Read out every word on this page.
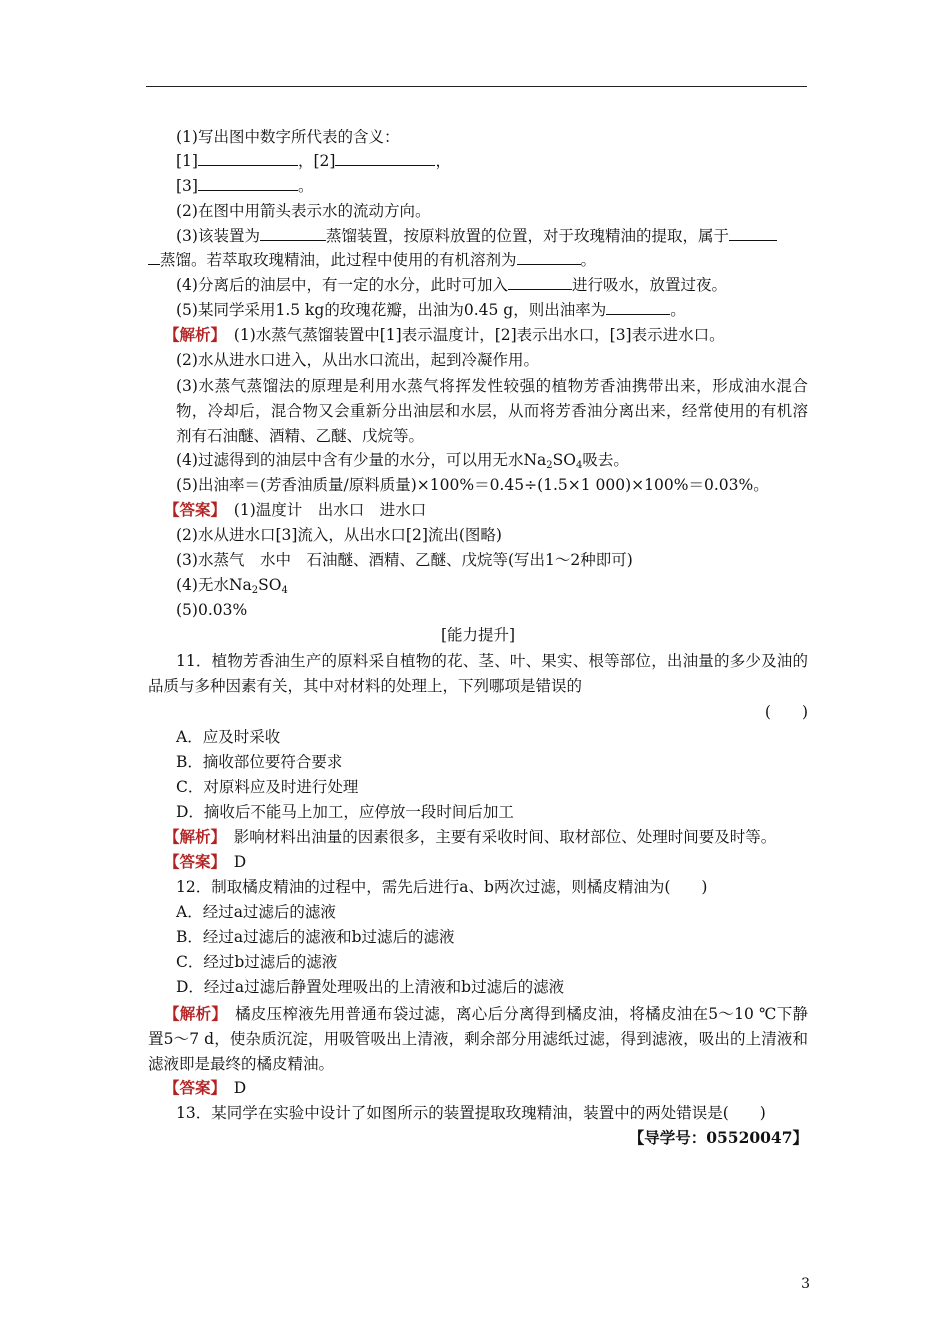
(1)写出图中数字所代表的含义：
[1]	，[2]	，
[3]	。
(2)在图中用箭头表示水的流动方向。
(3)该装置为	蒸馏装置，按原料放置的位置，对于玫瑰精油的提取，属于
蒸馏。若萃取玫瑰精油，此过程中使用的有机溶剂为	。
(4)分离后的油层中，有一定的水分，此时可加入	进行吸水，放置过夜。
(5)某同学采用1.5 kg的玫瑰花瓣，出油为0.45 g，则出油率为	。
【解析】　 (1)水蒸气蒸馏装置中[1]表示温度计，[2]表示出水口，[3]表示进水口。
(2)水从进水口进入，从出水口流出，起到冷凝作用。
(3)水蒸气蒸馏法的原理是利用水蒸气将挥发性较强的植物芳香油携带出来，形成油水混合物，冷却后，混合物又会重新分出油层和水层，从而将芳香油分离出来，经常使用的有机溶剂有石油醚、酒精、乙醚、戊烷等。
(4)过滤得到的油层中含有少量的水分，可以用无水$Na_2SO_4$吸去。
(5)出油率＝(芳香油质量/原料质量)×100%＝0.45÷(1.5×1 000)×100%＝0.03%。
【答案】　 (1)温度计　出水口　进水口
(2)水从进水口[3]流入，从出水口[2]流出(图略)
(3)水蒸气　水中　石油醚、酒精、乙醚、戊烷等(写出1～2种即可)
(4)无水$Na_2SO_4$
(5)0.03%
[能力提升]
11．植物芳香油生产的原料采自植物的花、茎、叶、果实、根等部位，出油量的多少及油的品质与多种因素有关，其中对材料的处理上，下列哪项是错误的
(　　)
A．应及时采收
B．摘收部位要符合要求
C．对原料应及时进行处理
D．摘收后不能马上加工，应停放一段时间后加工
【解析】　 影响材料出油量的因素很多，主要有采收时间、取材部位、处理时间要及时等。
【答案】　 D
12．制取橘皮精油的过程中，需先后进行a、b两次过滤，则橘皮精油为(　　)
A．经过a过滤后的滤液
B．经过a过滤后的滤液和b过滤后的滤液
C．经过b过滤后的滤液
D．经过a过滤后静置处理吸出的上清液和b过滤后的滤液
【解析】　 橘皮压榨液先用普通布袋过滤，离心后分离得到橘皮油，将橘皮油在5～10 ℃下静置5～7 d，使杂质沉淀，用吸管吸出上清液，剩余部分用滤纸过滤，得到滤液，吸出的上清液和滤液即是最终的橘皮精油。
【答案】　 D
13．某同学在实验中设计了如图所示的装置提取玫瑰精油，装置中的两处错误是(　　)
【导学号：05520047】
3
